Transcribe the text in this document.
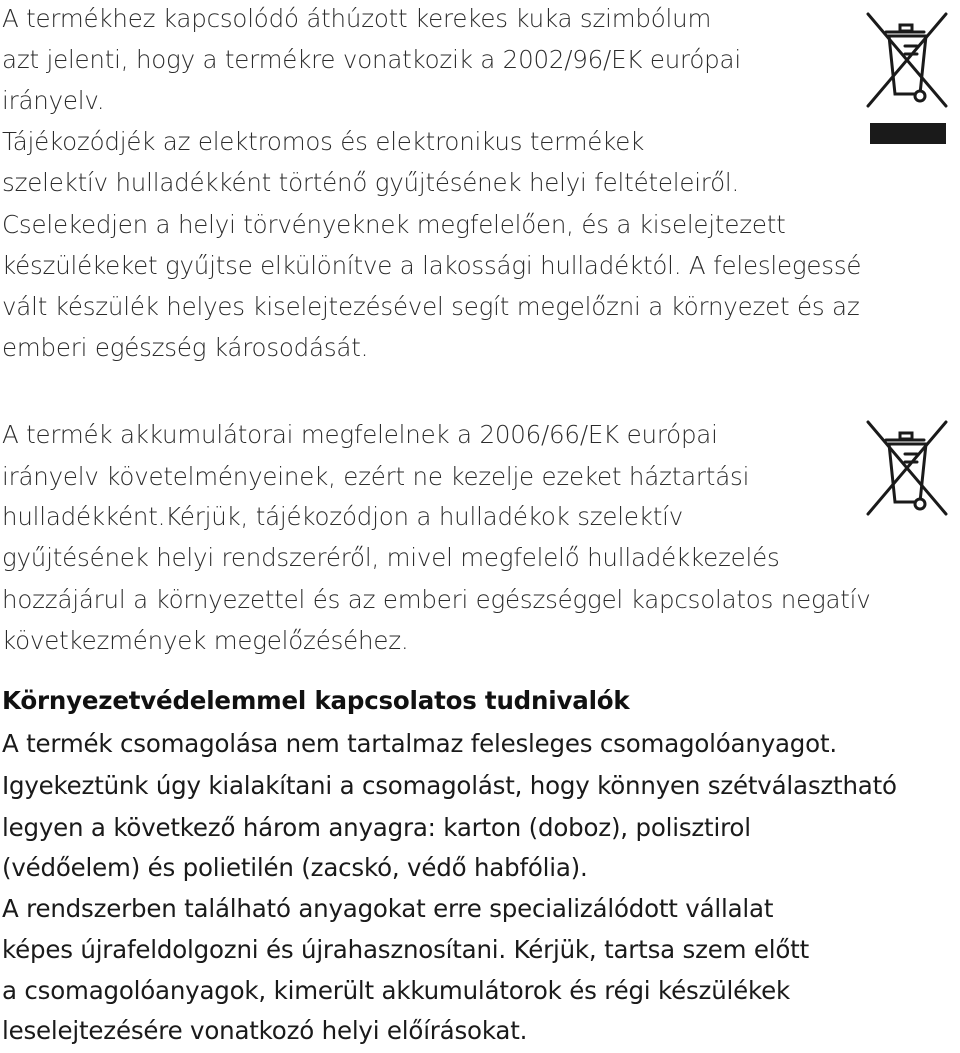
A termékhez kapcsolódó áthúzott kerekes kuka szimbólum
azt jelenti, hogy a termékre vonatkozik a 2002/96/EK európai
irányelv.
Tájékozódjék az elektromos és elektronikus termékek
szelektív hulladékként történő gyűjtésének helyi feltételeiről.
Cselekedjen a helyi törvényeknek megfelelően, és a kiselejtezett
készülékeket gyűjtse elkülönítve a lakossági hulladéktól. A feleslegessé
vált készülék helyes kiselejtezésével segít megelőzni a környezet és az
emberi egészség károsodását.
A termék akkumulátorai megfelelnek a 2006/66/EK európai
irányelv követelményeinek, ezért ne kezelje ezeket háztartási
hulladékként.Kérjük, tájékozódjon a hulladékok szelektív
gyűjtésének helyi rendszeréről, mivel megfelelő hulladékkezelés
hozzájárul a környezettel és az emberi egészséggel kapcsolatos negatív
következmények megelőzéséhez.
Környezetvédelemmel kapcsolatos tudnivalók
A termék csomagolása nem tartalmaz felesleges csomagolóanyagot.
Igyekeztünk úgy kialakítani a csomagolást, hogy könnyen szétválasztható
legyen a következő három anyagra: karton (doboz), polisztirol
(védőelem) és polietilén (zacskó, védő habfólia).
A rendszerben található anyagokat erre specializálódott vállalat
képes újrafeldolgozni és újrahasznosítani. Kérjük, tartsa szem előtt
a csomagolóanyagok, kimerült akkumulátorok és régi készülékek
leselejtezésére vonatkozó helyi előírásokat.
